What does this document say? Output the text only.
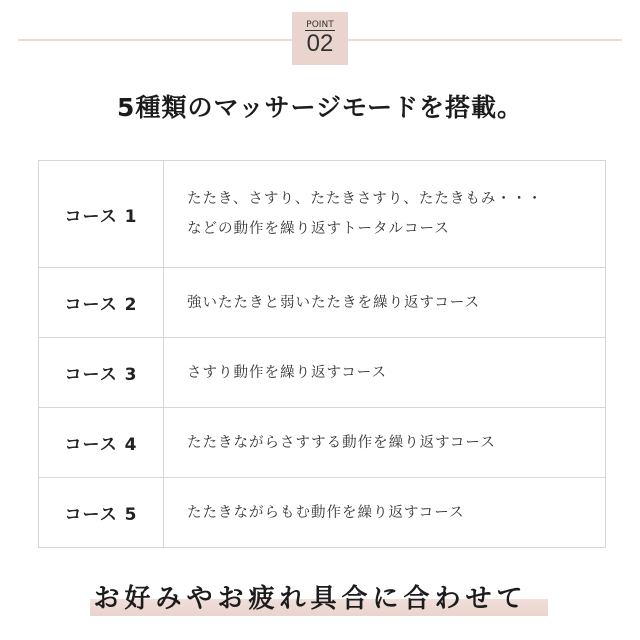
POINT
02
5種類のマッサージモードを搭載。
コース 1	たたき、さすり、たたきさすり、たたきもみ・・・
などの動作を繰り返すトータルコース

コース 2	強いたたきと弱いたたきを繰り返すコース
コース 3	さすり動作を繰り返すコース
コース 4	たたきながらさすする動作を繰り返すコース
コース 5	たたきながらもむ動作を繰り返すコース
お好みやお疲れ具合に合わせて
